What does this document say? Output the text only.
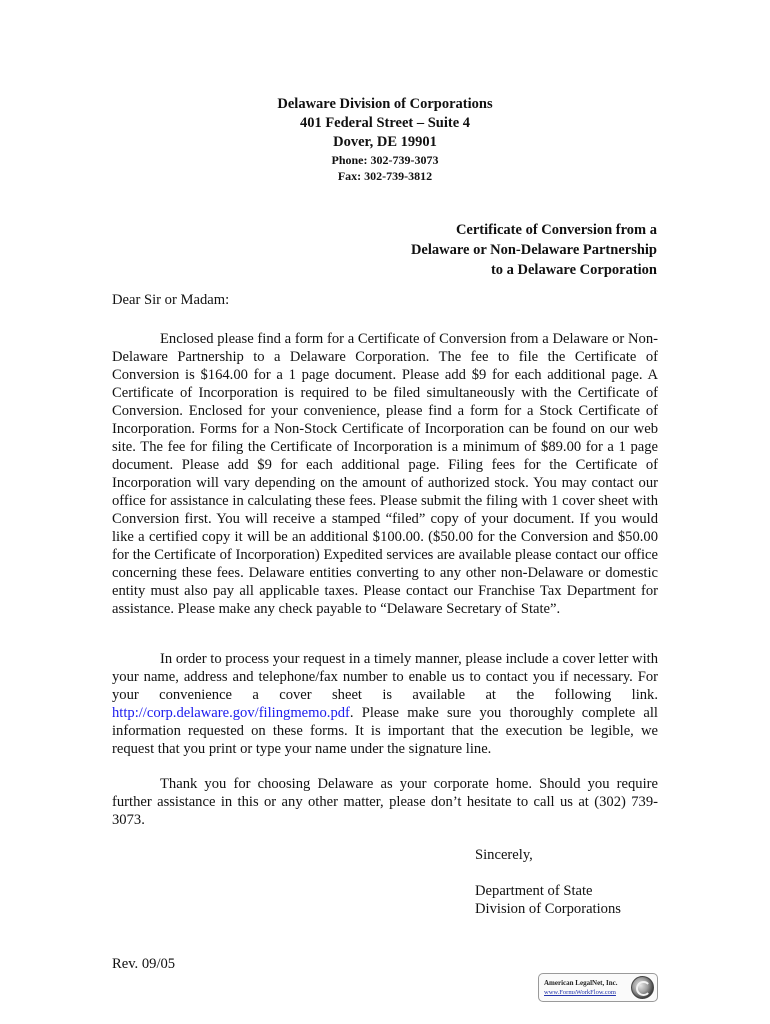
Delaware Division of Corporations
401 Federal Street – Suite 4
Dover, DE 19901
Phone: 302-739-3073
Fax: 302-739-3812
Certificate of Conversion from a
Delaware or Non-Delaware Partnership
to a Delaware Corporation
Dear Sir or Madam:
Enclosed please find a form for a Certificate of Conversion from a Delaware or Non-Delaware Partnership to a Delaware Corporation. The fee to file the Certificate of Conversion is $164.00 for a 1 page document. Please add $9 for each additional page. A Certificate of Incorporation is required to be filed simultaneously with the Certificate of Conversion. Enclosed for your convenience, please find a form for a Stock Certificate of Incorporation. Forms for a Non-Stock Certificate of Incorporation can be found on our web site. The fee for filing the Certificate of Incorporation is a minimum of $89.00 for a 1 page document. Please add $9 for each additional page. Filing fees for the Certificate of Incorporation will vary depending on the amount of authorized stock. You may contact our office for assistance in calculating these fees. Please submit the filing with 1 cover sheet with Conversion first. You will receive a stamped “filed” copy of your document. If you would like a certified copy it will be an additional $100.00. ($50.00 for the Conversion and $50.00 for the Certificate of Incorporation) Expedited services are available please contact our office concerning these fees. Delaware entities converting to any other non-Delaware or domestic entity must also pay all applicable taxes. Please contact our Franchise Tax Department for assistance. Please make any check payable to “Delaware Secretary of State”.
In order to process your request in a timely manner, please include a cover letter with your name, address and telephone/fax number to enable us to contact you if necessary. For your convenience a cover sheet is available at the following link. http://corp.delaware.gov/filingmemo.pdf. Please make sure you thoroughly complete all information requested on these forms. It is important that the execution be legible, we request that you print or type your name under the signature line.
Thank you for choosing Delaware as your corporate home. Should you require further assistance in this or any other matter, please don’t hesitate to call us at (302) 739-3073.
Sincerely,
Department of State
Division of Corporations
Rev. 09/05
American LegalNet, Inc.
www.FormsWorkFlow.com
